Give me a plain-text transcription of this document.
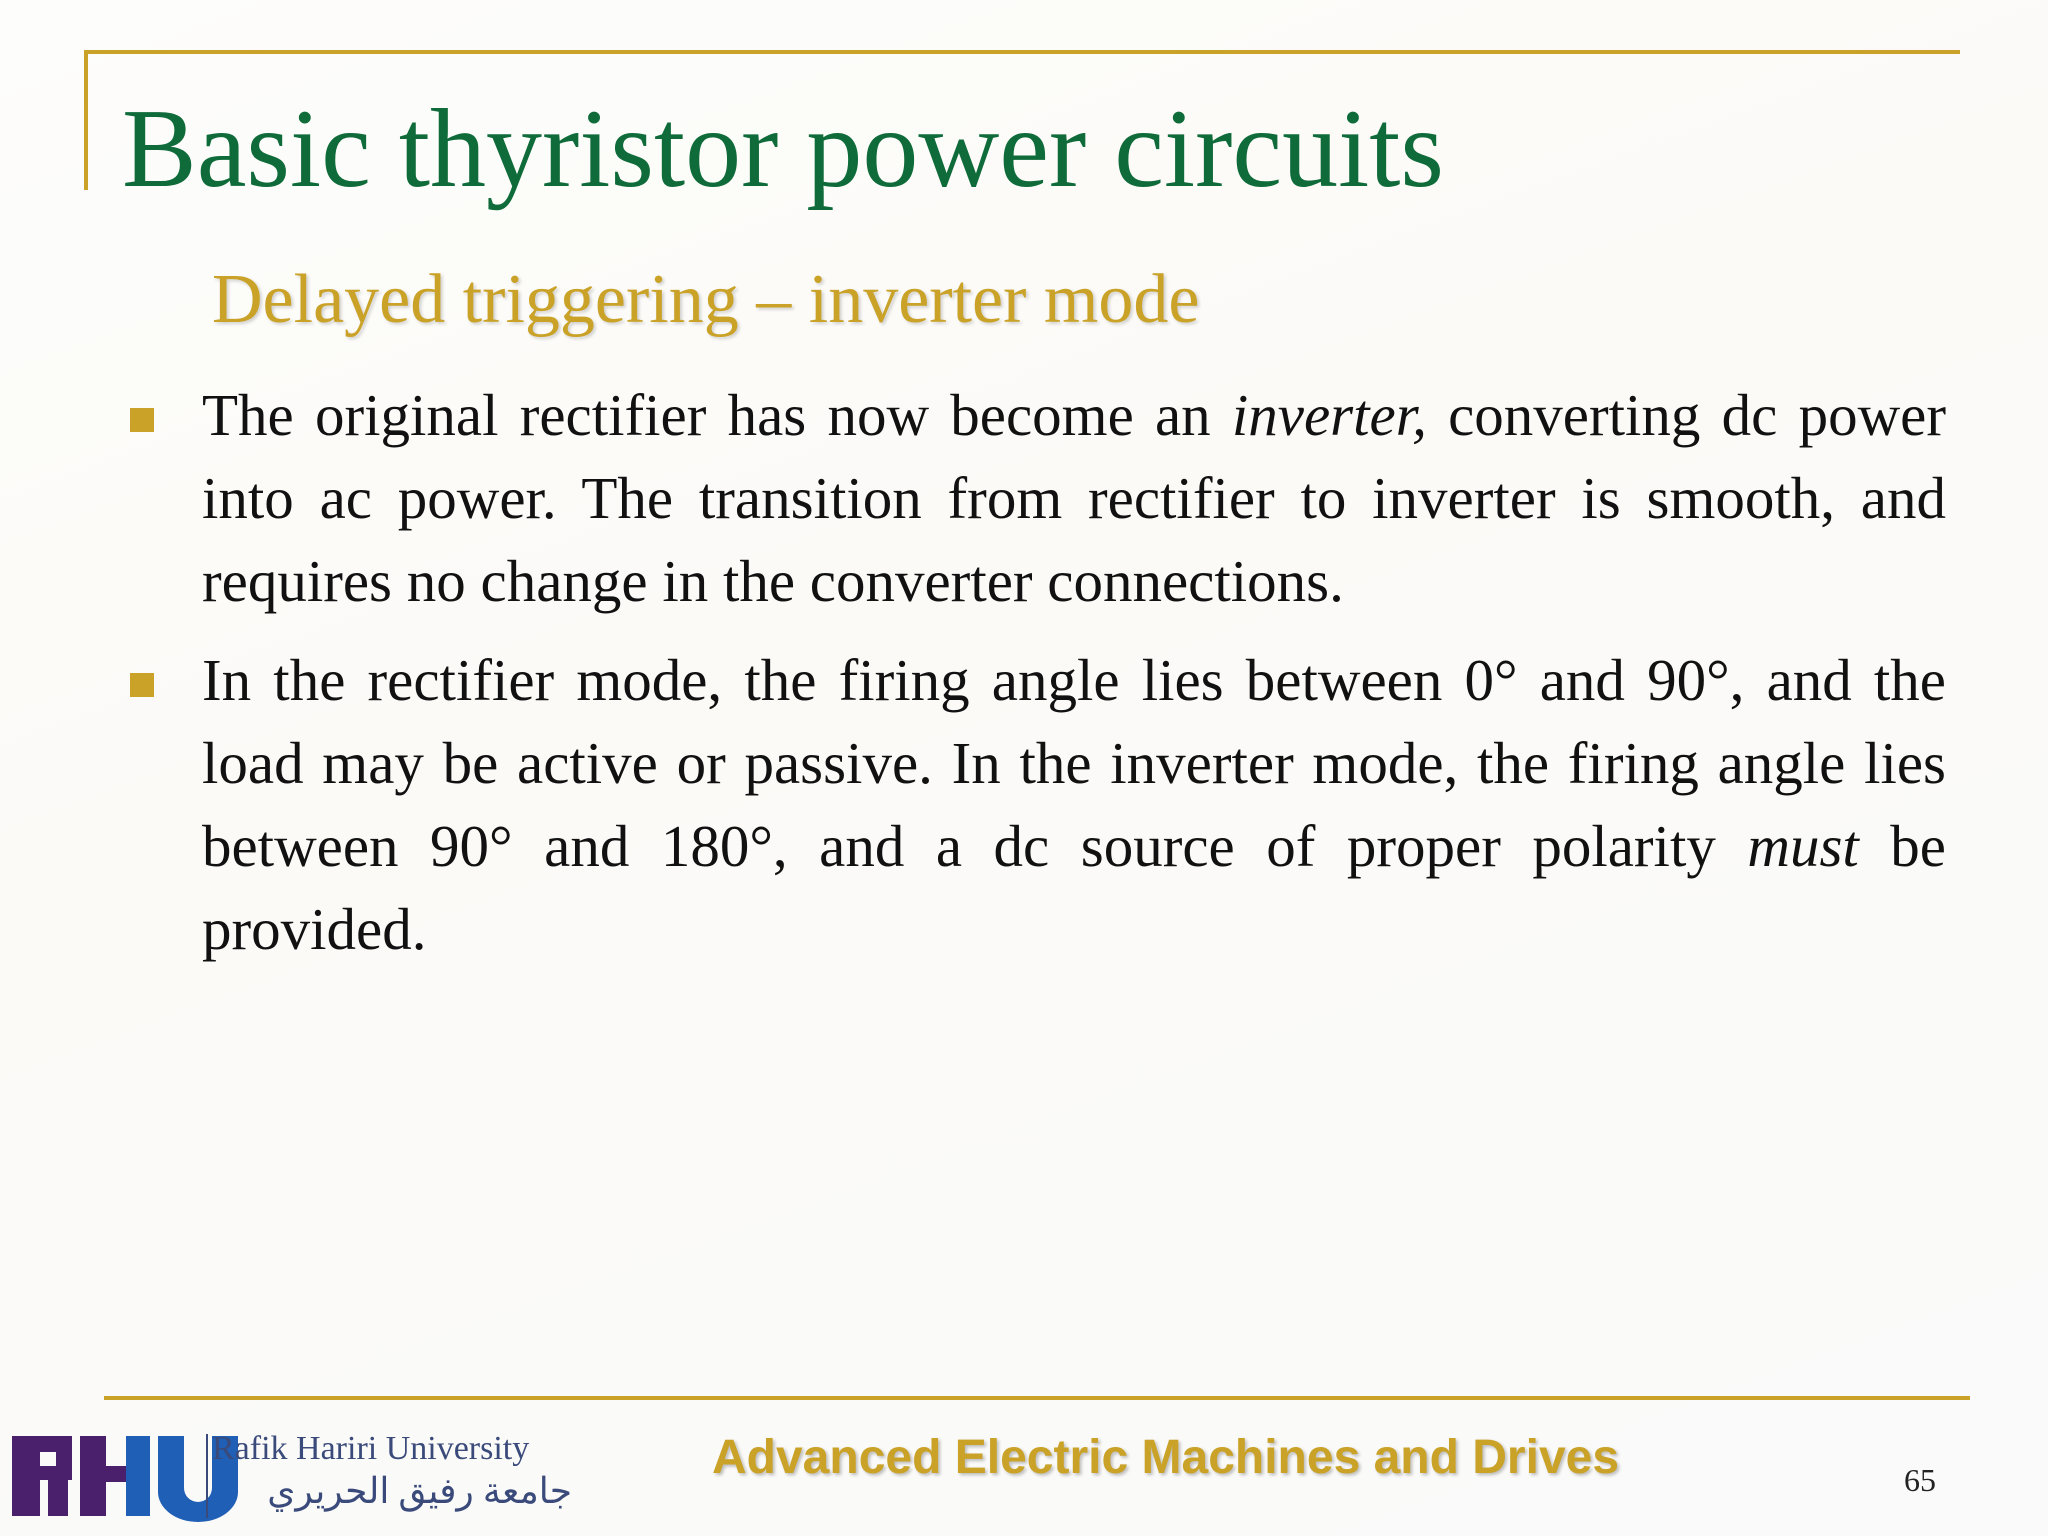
Basic thyristor power circuits
Delayed triggering – inverter mode
The original rectifier has now become an inverter, converting dc power into ac power. The transition from rectifier to inverter is smooth, and requires no change in the converter connections.
In the rectifier mode, the firing angle lies between 0° and 90°, and the load may be active or passive. In the inverter mode, the firing angle lies between 90° and 180°, and a dc source of proper polarity must be provided.
Rafik Hariri University
جامعة رفيق الحريري
Advanced Electric Machines and Drives	65
